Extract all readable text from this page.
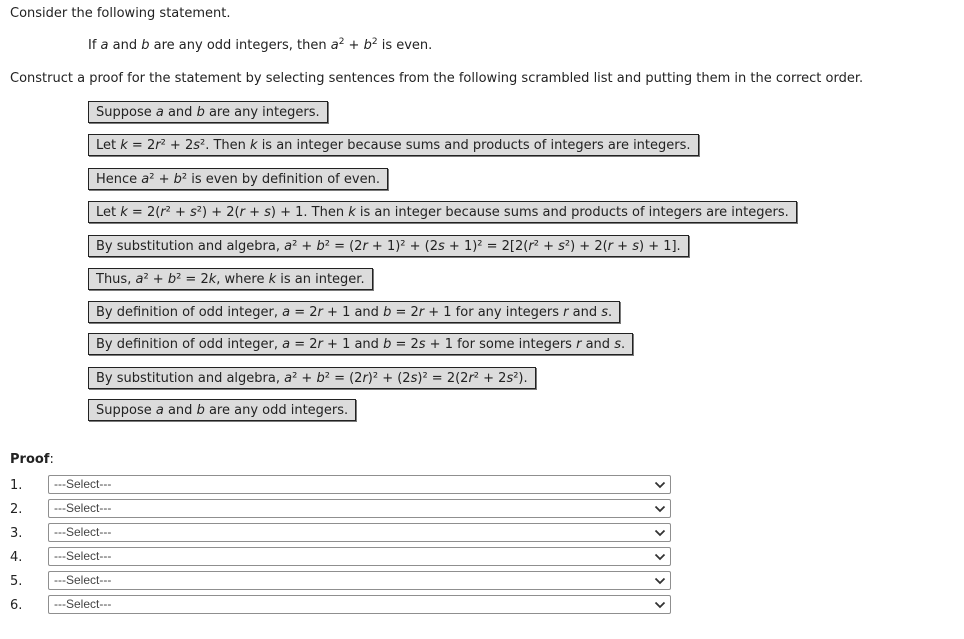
Consider the following statement.
If a and b are any odd integers, then $a^2 + b^2$ is even.
Construct a proof for the statement by selecting sentences from the following scrambled list and putting them in the correct order.
Suppose a and b are any integers.
Let k = 2r² + 2s². Then k is an integer because sums and products of integers are integers.
Hence a² + b² is even by definition of even.
Let k = 2(r² + s²) + 2(r + s) + 1. Then k is an integer because sums and products of integers are integers.
By substitution and algebra, a² + b² = (2r + 1)² + (2s + 1)² = 2[2(r² + s²) + 2(r + s) + 1].
Thus, a² + b² = 2k, where k is an integer.
By definition of odd integer, a = 2r + 1 and b = 2r + 1 for any integers r and s.
By definition of odd integer, a = 2r + 1 and b = 2s + 1 for some integers r and s.
By substitution and algebra, a² + b² = (2r)² + (2s)² = 2(2r² + 2s²).
Suppose a and b are any odd integers.
Proof:
1.	---Select---
2.	---Select---
3.	---Select---
4.	---Select---
5.	---Select---
6.	---Select---
